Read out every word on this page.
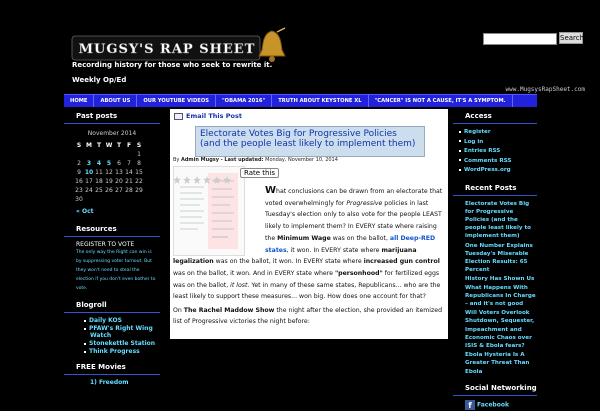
MUGSY'S RAP SHEET
Recording history for those who seek to rewrite it.
Weekly Op/Ed
Search
www.MugsysRapSheet.com
HOME	ABOUT US	OUR YOUTUBE VIDEOS	"OBAMA 2016"	TRUTH ABOUT KEYSTONE XL	"CANCER" IS NOT A CAUSE, IT'S A SYMPTOM.
Past posts
November 2014
S	M	T	W	T	F	S
						1
2	3	4	5	6	7	8
9	10	11	12	13	14	15
16	17	18	19	20	21	22
23	24	25	26	27	28	29
30						
« Oct
Resources
REGISTER TO VOTE
The only way the Right can win is by suppressing voter turnout. But they won't need to steal the election if you don't even bother to vote.
Blogroll
Daily KOS
PFAW's Right Wing Watch
Stonekettle Station
Think Progress
FREE Movies
1) Freedom
Email This Post
Electorate Votes Big for Progressive Policies (and the people least likely to implement them)
By Admin Mugsy - Last updated: Monday, November 10, 2014
Rate this
What conclusions can be drawn from an electorate that voted overwhelmingly for Progressive policies in last Tuesday's election only to also vote for the people LEAST likely to implement them? In EVERY state where raising the Minimum Wage was on the ballot, all Deep-RED states, it won. In EVERY state where marijuana legalization was on the ballot, it won. In EVERY state where increased gun control was on the ballot, it won. And in EVERY state where "personhood" for fertilized eggs was on the ballot, it lost. Yet in many of these same states, Republicans... who are the least likely to support these measures... won big. How does one account for that?
On The Rachel Maddow Show the night after the election, she provided an itemized list of Progressive victories the night before:
Access
Register
Log in
Entries RSS
Comments RSS
WordPress.org
Recent Posts
Electorate Votes Big for Progressive Policies (and the people least likely to implement them)
One Number Explains Tuesday's Miserable Election Results: 65 Percent
History Has Shown Us What Happens With Republicans In Charge – and it's not good
Will Voters Overlook Shutdown, Sequester, Impeachment and Economic Chaos over ISIS & Ebola fears?
Ebola Hysteria Is A Greater Threat Than Ebola
Social Networking
f Facebook
